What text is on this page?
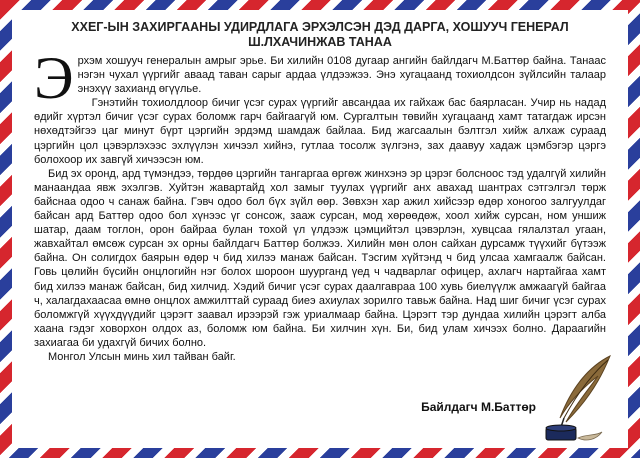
ХХЕГ-ЫН ЗАХИРГААНЫ УДИРДЛАГА ЭРХЭЛСЭН ДЭД ДАРГА, ХОШУУЧ ГЕНЕРАЛ Ш.ЛХАЧИНЖАВ ТАНАА

Эрхэм хошууч генералын амрыг эрье. Би хилийн 0108 дугаар ангийн байлдагч М.Баттөр байна. Танаас нэгэн чухал үүргийг аваад таван сарыг ардаа үлдээжээ. Энэ хугацаанд тохиолдсон зүйлсийн талаар энэхүү захианд өгүүлье.

Гэнэтийн тохиолдлоор бичиг үсэг сурах үүргийг авсандаа их гайхаж бас баярласан. Учир нь надад өдийг хүртэл бичиг үсэг сурах боломж гарч байгаагүй юм. Сургалтын төвийн хугацаанд хамт татагдаж ирсэн нөхөдтэйгээ цаг минут бүрт цэргийн эрдэмд шамдаж байлаа. Бид жагсаалын бэлтгэл хийж алхаж сураад цэргийн цол цэвэрлэхээс эхлүүлэн хичээл хийнэ, гутлаа тосолж зүлгэнэ, зах даавуу хадаж цэмбэгэр цэргэ болохоор их завгүй хичээсэн юм.

Бид эх оронд, ард түмэндээ, төрдөө цэргийн тангаргаа өргөж жинхэнэ эр цэрэг болсноос тэд удалгүй хилийн манаандаа явж эхэлгэв. Хуйтэн жавартайд хол замыг туулах үүргийг анх авахад шантрах сэтгэлгэл төрж байснаа одоо ч санаж байна. Гэвч одоо бол бүх зүйл өөр. Зөвхэн хар ажил хийсээр өдөр хоногоо залгуулдаг байсан ард Баттөр одоо бол хүнээс үг сонсож, зааж сурсан, мод хөрөөдөж, хоол хийж сурсан, ном уншиж шатар, даам тоглон, орон байраа булан тохой үл үлдээж цэмцийтэл цэвэрлэн, хувцсаа гялалзтал угаан, жавхайтал өмсөж сурсан эх орны байлдагч Баттөр болжээ. Хилийн мөн олон сайхан дурсамж түүхийг бүтээж байна. Он солигдох баярын өдөр ч бид хилээ манаж байсан. Тэсгим хүйтэнд ч бид улсаа хамгаалж байсан. Говь цөлийн бүсийн онцлогийн нэг болох шороон шуурганд үед ч чадварлаг офицер, ахлагч нартайгаа хамт бид хилээ манаж байсан, бид хилчид. Хэдий бичиг үсэг сурах даалгавраа 100 хувь биелүүлж амжаагүй байгаа ч, халагдахаасаа өмнө онцлох амжилттай сураад биеэ ахиулах зорилго тавьж байна. Над шиг бичиг үсэг сурах боломжгүй хүүхдүүдийг цэрэгт заавал ирээрэй гэж уриалмаар байна. Цэрэгт тэр дундаа хилийн цэрэгт алба хаана гэдэг ховорхон олдох аз, боломж юм байна. Би хилчин хүн. Би, бид улам хичээх болно. Дараагийн захиагаа би удахгүй бичих болно.

Монгол Улсын минь хил тайван байг.

Байлдагч М.Баттөр
